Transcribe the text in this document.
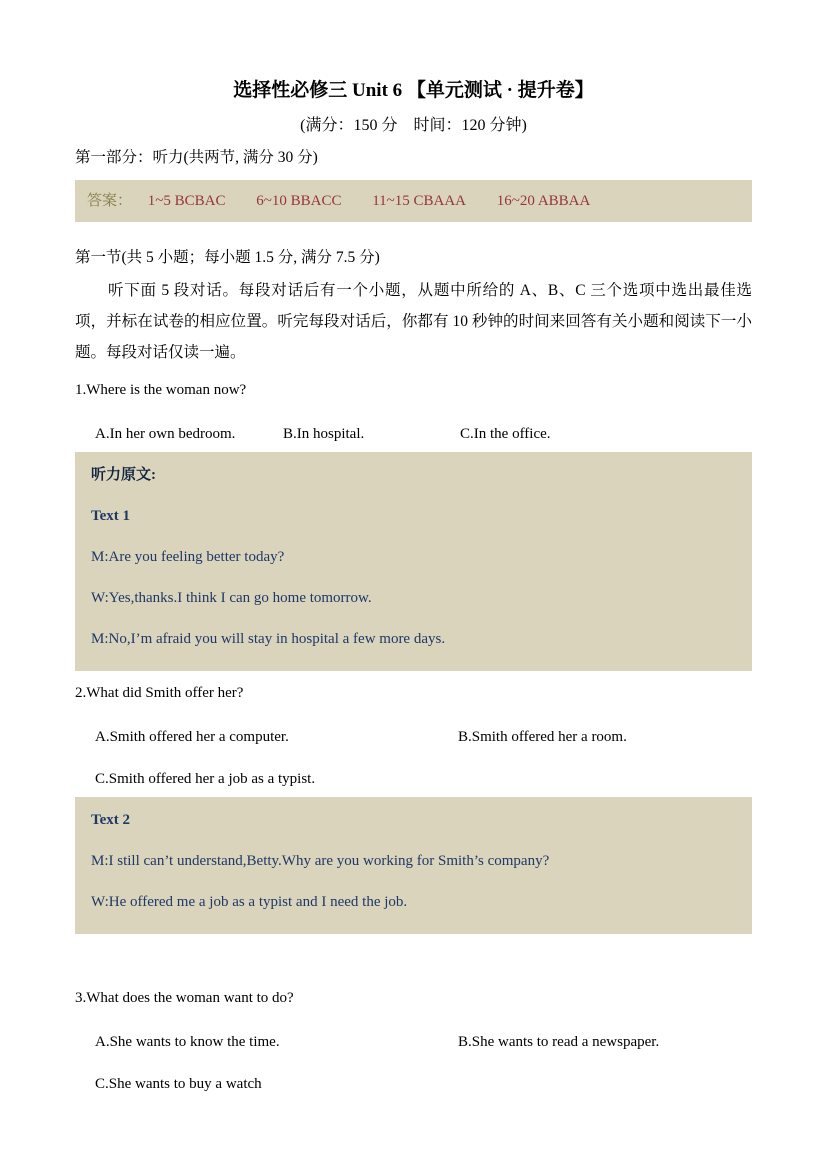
选择性必修三 Unit 6 【单元测试 · 提升卷】
(满分：150 分　时间：120 分钟)
第一部分：听力(共两节, 满分 30 分)
答案： 1~5 BCBAC 6~10 BBACC 11~15 CBAAA 16~20 ABBAA
第一节(共 5 小题；每小题 1.5 分, 满分 7.5 分)

听下面 5 段对话。每段对话后有一个小题，从题中所给的 A、B、C 三个选项中选出最佳选项，并标在试卷的相应位置。听完每段对话后，你都有 10 秒钟的时间来回答有关小题和阅读下一小题。每段对话仅读一遍。

1.Where is the woman now?
A.In her own bedroom.	B.In hospital.	C.In the office.

听力原文:

Text 1

M:Are you feeling better today?

W:Yes,thanks.I think I can go home tomorrow.

M:No,I’m afraid you will stay in hospital a few more days.

2.What did Smith offer her?
A.Smith offered her a computer.	B.Smith offered her a room.
C.Smith offered her a job as a typist.

Text 2

M:I still can’t understand,Betty.Why are you working for Smith’s company?

W:He offered me a job as a typist and I need the job.

3.What does the woman want to do?
A.She wants to know the time.	B.She wants to read a newspaper.
C.She wants to buy a watch
